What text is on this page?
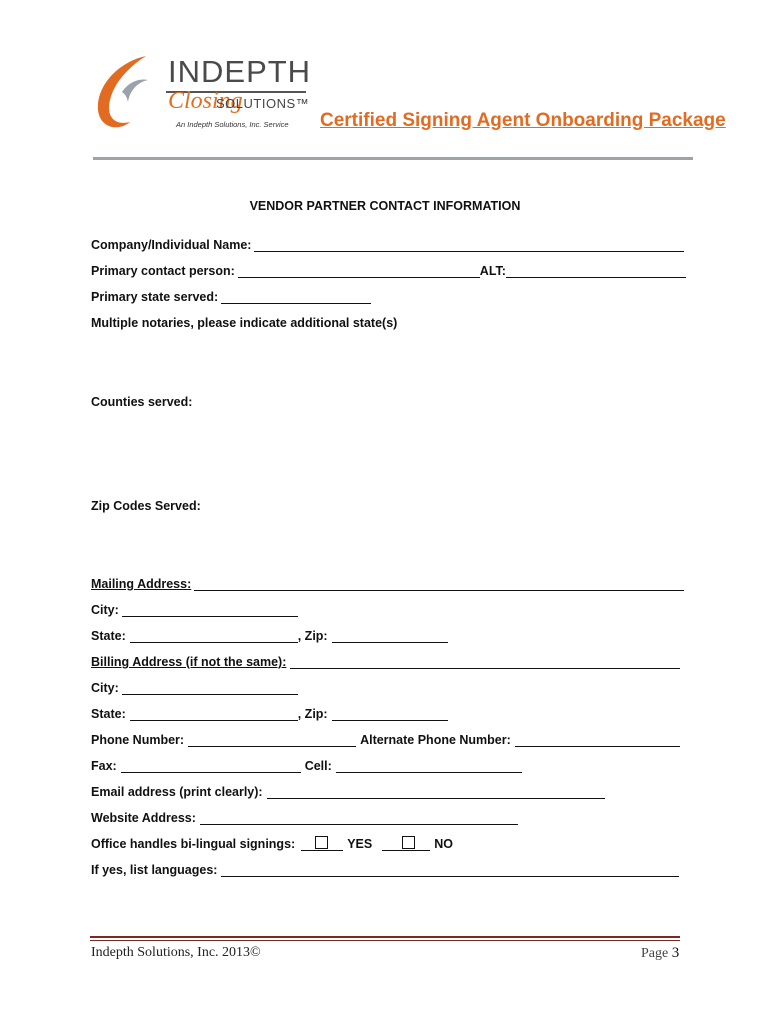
INDEPTH
Closing
SOLUTIONS™
An Indepth Solutions, Inc. Service Certified Signing Agent Onboarding Package
VENDOR PARTNER CONTACT INFORMATION
Company/Individual Name:
Primary contact person:	ALT:
Primary state served:
Multiple notaries, please indicate additional state(s)
Counties served:
Zip Codes Served:
Mailing Address:
City:
State:	, Zip:
Billing Address (if not the same):
City:
State:	, Zip:
Phone Number:	Alternate Phone Number:
Fax:	Cell:
Email address (print clearly):
Website Address:
Office handles bi-lingual signings:	YES	NO
If yes, list languages:
Indepth Solutions, Inc. 2013©	Page 3
